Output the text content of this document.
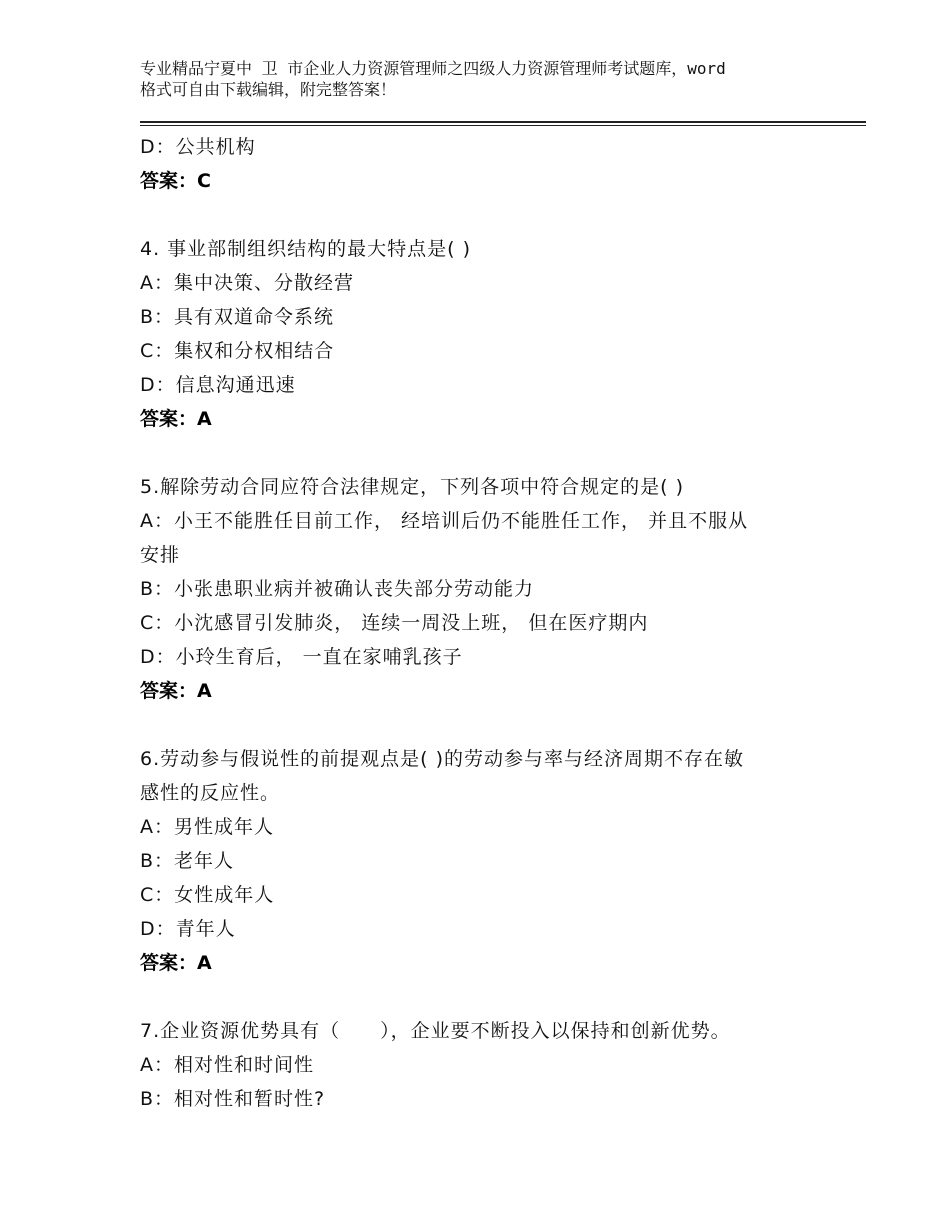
专业精品宁夏中 卫 市企业人力资源管理师之四级人力资源管理师考试题库，word
格式可自由下载编辑，附完整答案！
D：公共机构
答案：C
4. 事业部制组织结构的最大特点是( )
A：集中决策、分散经营
B：具有双道命令系统
C：集权和分权相结合
D：信息沟通迅速
答案：A
5.解除劳动合同应符合法律规定，下列各项中符合规定的是( )
A：小王不能胜任目前工作， 经培训后仍不能胜任工作， 并且不服从
安排
B：小张患职业病并被确认丧失部分劳动能力
C：小沈感冒引发肺炎， 连续一周没上班， 但在医疗期内
D：小玲生育后， 一直在家哺乳孩子
答案：A
6.劳动参与假说性的前提观点是( )的劳动参与率与经济周期不存在敏
感性的反应性。
A：男性成年人
B：老年人
C：女性成年人
D：青年人
答案：A
7.企业资源优势具有（　　），企业要不断投入以保持和创新优势。
A：相对性和时间性
B：相对性和暂时性?
